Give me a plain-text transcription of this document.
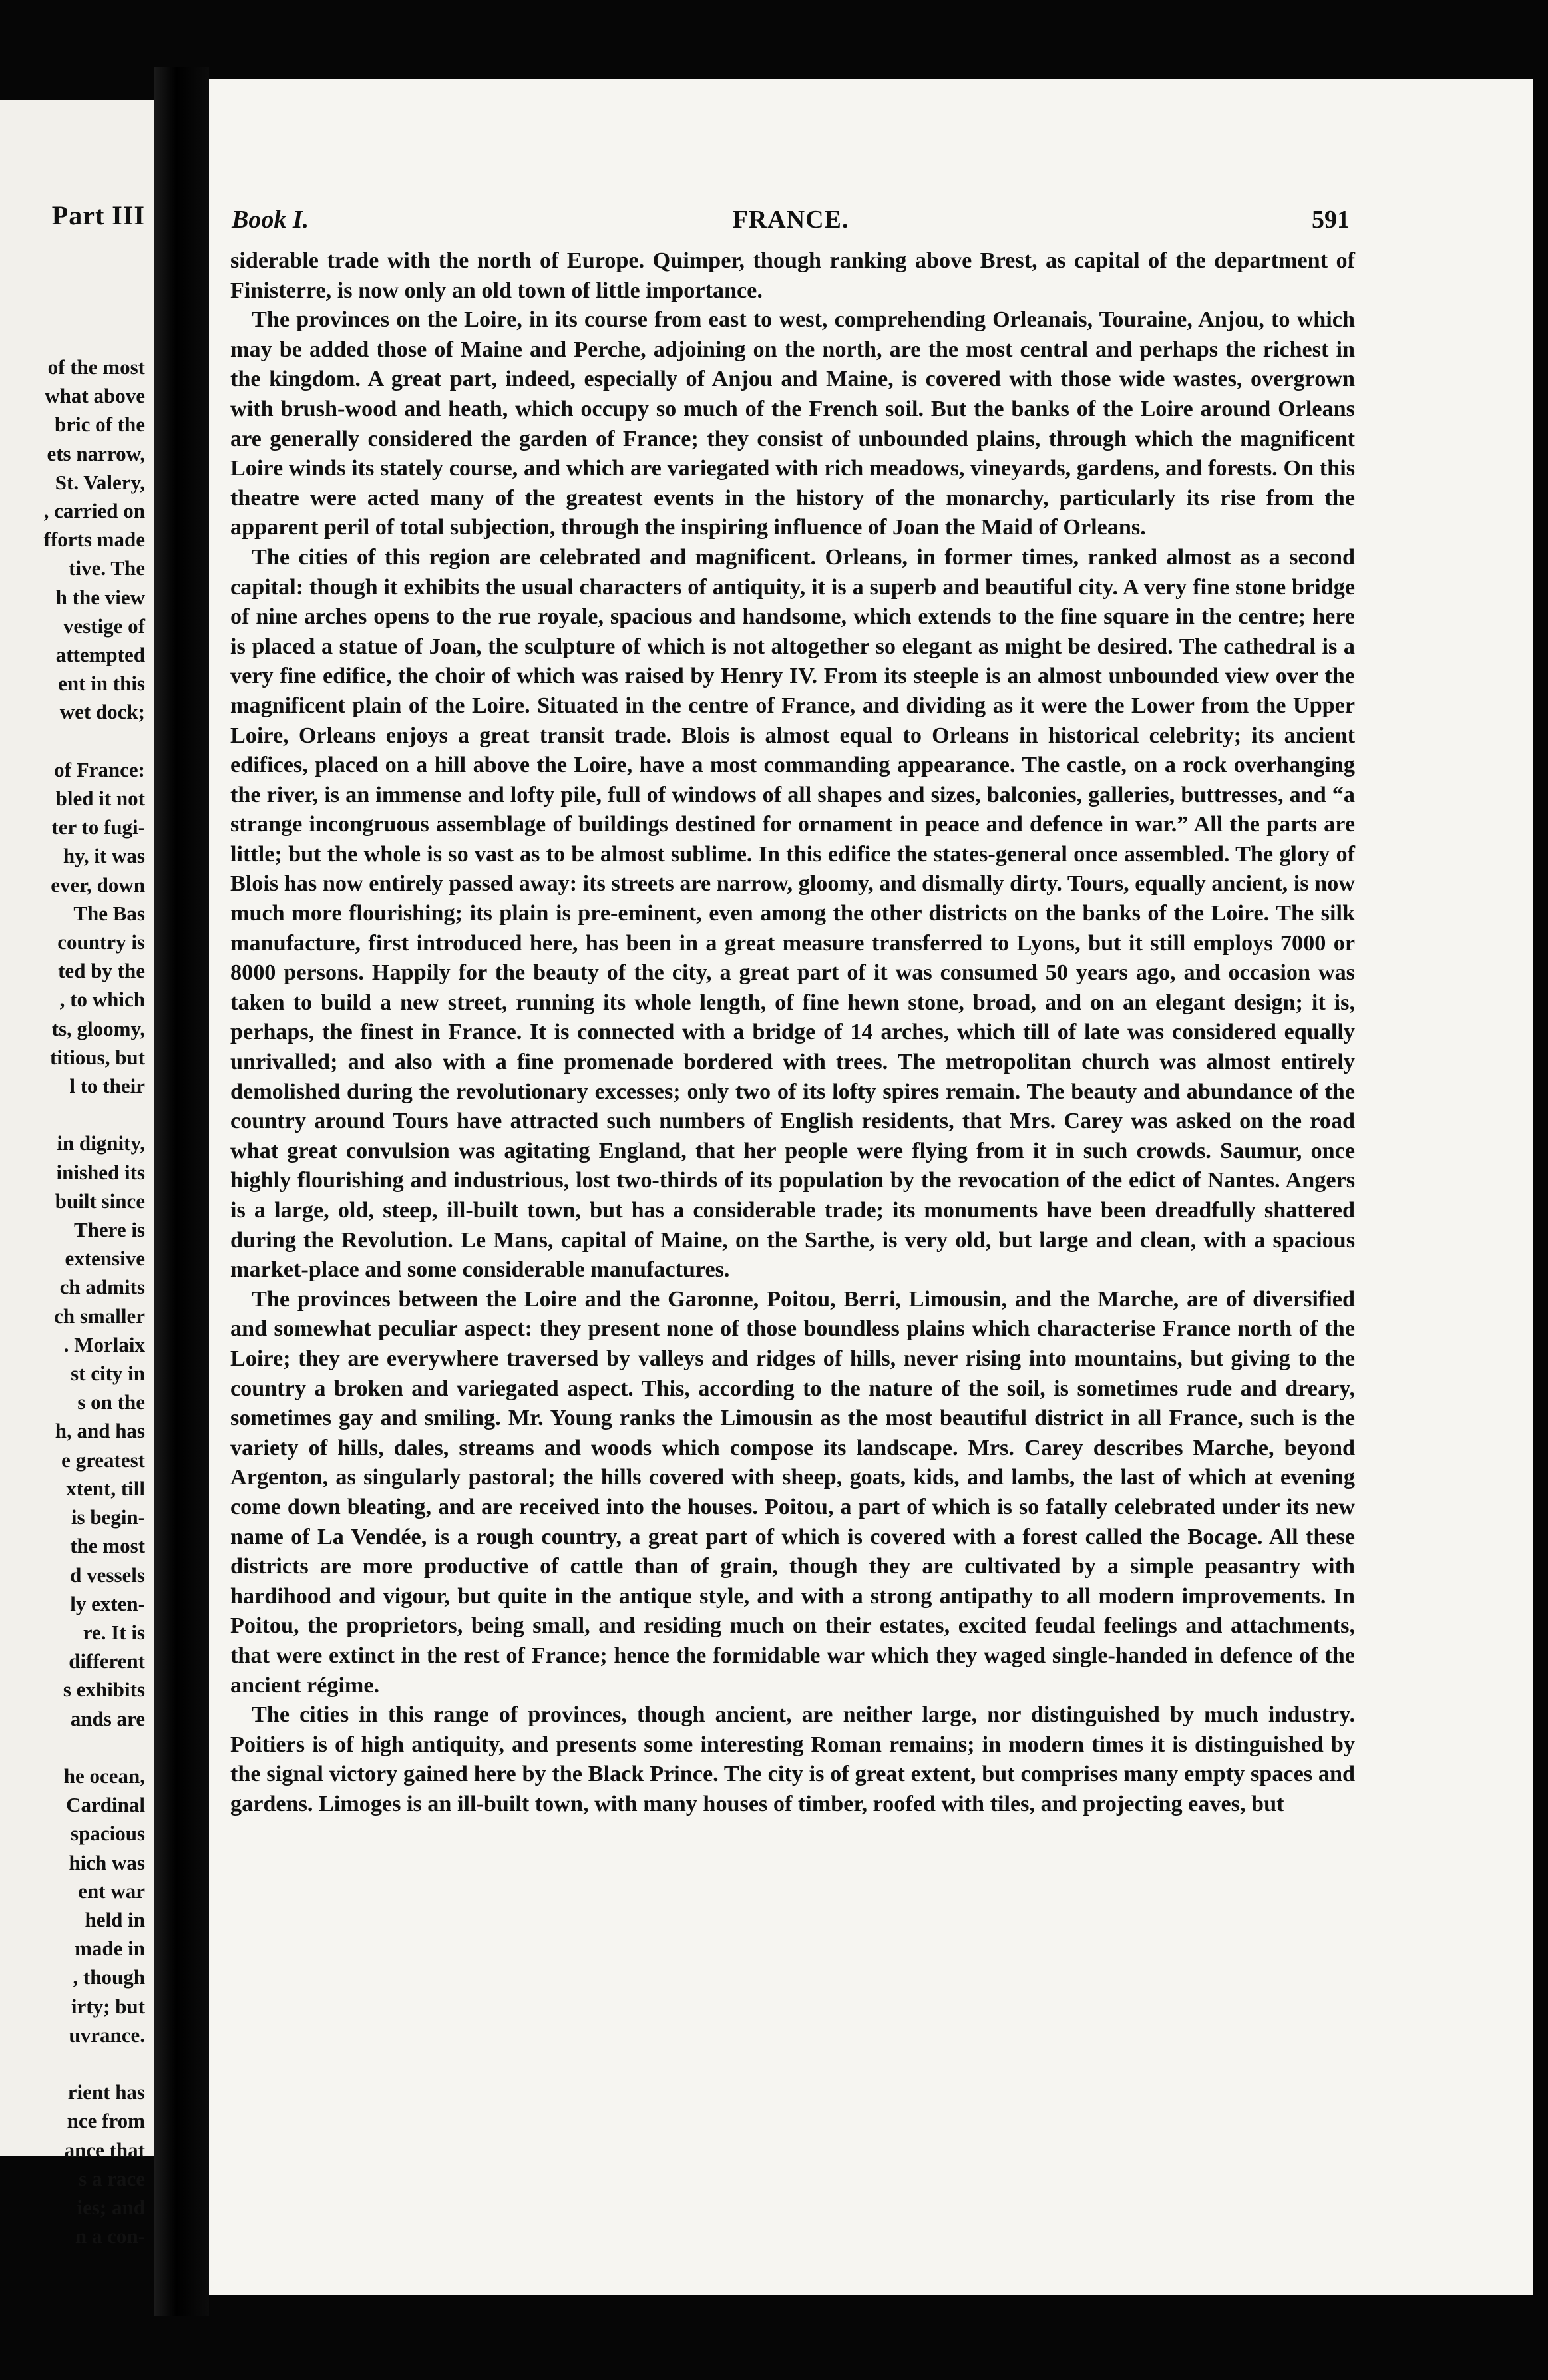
Part III
of the most
what above
bric of the
ets narrow,
St. Valery,
, carried on
fforts made
tive. The
h the view
vestige of
attempted
ent in this
wet dock;
of France:
bled it not
ter to fugi-
hy, it was
ever, down
The Bas
country is
ted by the
, to which
ts, gloomy,
titious, but
l to their
in dignity,
inished its
built since
There is
extensive
ch admits
ch smaller
. Morlaix
st city in
s on the
h, and has
e greatest
xtent, till
is begin-
the most
d vessels
ly exten-
re. It is
different
s exhibits
ands are
he ocean,
Cardinal
spacious
hich was
ent war
held in
made in
, though
irty; but
uvrance.
rient has
nce from
ance that
s a race
ies; and
n a con-
Book I.	FRANCE.	591

siderable trade with the north of Europe. Quimper, though ranking above Brest, as capital of the department of Finisterre, is now only an old town of little importance.

The provinces on the Loire, in its course from east to west, comprehending Orleanais, Touraine, Anjou, to which may be added those of Maine and Perche, adjoining on the north, are the most central and perhaps the richest in the kingdom. A great part, indeed, especially of Anjou and Maine, is covered with those wide wastes, overgrown with brush-wood and heath, which occupy so much of the French soil. But the banks of the Loire around Orleans are generally considered the garden of France; they consist of unbounded plains, through which the magnificent Loire winds its stately course, and which are variegated with rich meadows, vineyards, gardens, and forests. On this theatre were acted many of the greatest events in the history of the monarchy, particularly its rise from the apparent peril of total subjection, through the inspiring influence of Joan the Maid of Orleans.

The cities of this region are celebrated and magnificent. Orleans, in former times, ranked almost as a second capital: though it exhibits the usual characters of antiquity, it is a superb and beautiful city. A very fine stone bridge of nine arches opens to the rue royale, spacious and handsome, which extends to the fine square in the centre; here is placed a statue of Joan, the sculpture of which is not altogether so elegant as might be desired. The cathedral is a very fine edifice, the choir of which was raised by Henry IV. From its steeple is an almost unbounded view over the magnificent plain of the Loire. Situated in the centre of France, and dividing as it were the Lower from the Upper Loire, Orleans enjoys a great transit trade. Blois is almost equal to Orleans in historical celebrity; its ancient edifices, placed on a hill above the Loire, have a most commanding appearance. The castle, on a rock overhanging the river, is an immense and lofty pile, full of windows of all shapes and sizes, balconies, galleries, buttresses, and “a strange incongruous assemblage of buildings destined for ornament in peace and defence in war.” All the parts are little; but the whole is so vast as to be almost sublime. In this edifice the states-general once assembled. The glory of Blois has now entirely passed away: its streets are narrow, gloomy, and dismally dirty. Tours, equally ancient, is now much more flourishing; its plain is pre-eminent, even among the other districts on the banks of the Loire. The silk manufacture, first introduced here, has been in a great measure transferred to Lyons, but it still employs 7000 or 8000 persons. Happily for the beauty of the city, a great part of it was consumed 50 years ago, and occasion was taken to build a new street, running its whole length, of fine hewn stone, broad, and on an elegant design; it is, perhaps, the finest in France. It is connected with a bridge of 14 arches, which till of late was considered equally unrivalled; and also with a fine promenade bordered with trees. The metropolitan church was almost entirely demolished during the revolutionary excesses; only two of its lofty spires remain. The beauty and abundance of the country around Tours have attracted such numbers of English residents, that Mrs. Carey was asked on the road what great convulsion was agitating England, that her people were flying from it in such crowds. Saumur, once highly flourishing and industrious, lost two-thirds of its population by the revocation of the edict of Nantes. Angers is a large, old, steep, ill-built town, but has a considerable trade; its monuments have been dreadfully shattered during the Revolution. Le Mans, capital of Maine, on the Sarthe, is very old, but large and clean, with a spacious market-place and some considerable manufactures.

The provinces between the Loire and the Garonne, Poitou, Berri, Limousin, and the Marche, are of diversified and somewhat peculiar aspect: they present none of those boundless plains which characterise France north of the Loire; they are everywhere traversed by valleys and ridges of hills, never rising into mountains, but giving to the country a broken and variegated aspect. This, according to the nature of the soil, is sometimes rude and dreary, sometimes gay and smiling. Mr. Young ranks the Limousin as the most beautiful district in all France, such is the variety of hills, dales, streams and woods which compose its landscape. Mrs. Carey describes Marche, beyond Argenton, as singularly pastoral; the hills covered with sheep, goats, kids, and lambs, the last of which at evening come down bleating, and are received into the houses. Poitou, a part of which is so fatally celebrated under its new name of La Vendée, is a rough country, a great part of which is covered with a forest called the Bocage. All these districts are more productive of cattle than of grain, though they are cultivated by a simple peasantry with hardihood and vigour, but quite in the antique style, and with a strong antipathy to all modern improvements. In Poitou, the proprietors, being small, and residing much on their estates, excited feudal feelings and attachments, that were extinct in the rest of France; hence the formidable war which they waged single-handed in defence of the ancient régime.

The cities in this range of provinces, though ancient, are neither large, nor distinguished by much industry. Poitiers is of high antiquity, and presents some interesting Roman remains; in modern times it is distinguished by the signal victory gained here by the Black Prince. The city is of great extent, but comprises many empty spaces and gardens. Limoges is an ill-built town, with many houses of timber, roofed with tiles, and projecting eaves, but
